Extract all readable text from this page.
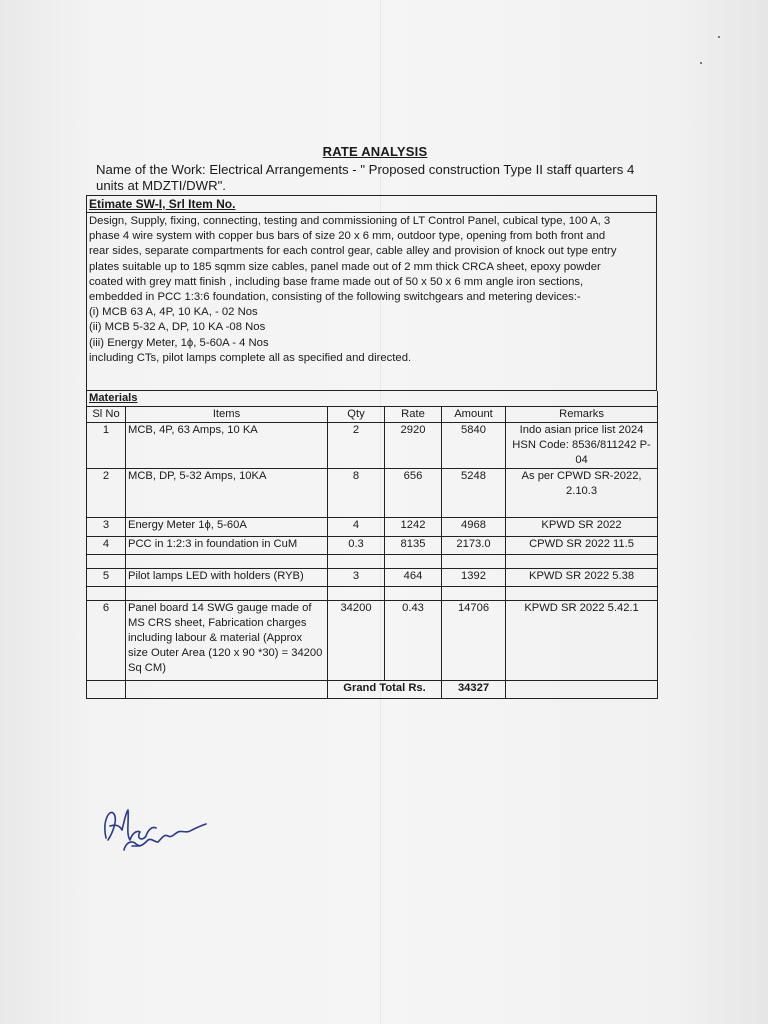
RATE ANALYSIS
Name of the Work: Electrical Arrangements - " Proposed construction Type II staff quarters 4
units at MDZTI/DWR".
Etimate SW-I, Srl Item No.
Design, Supply, fixing, connecting, testing and commissioning of LT Control Panel, cubical type, 100 A, 3
phase 4 wire system with copper bus bars of size 20 x 6 mm, outdoor type, opening from both front and
rear sides, separate compartments for each control gear, cable alley and provision of knock out type entry
plates suitable up to 185 sqmm size cables, panel made out of 2 mm thick CRCA sheet, epoxy powder
coated with grey matt finish , including base frame made out of 50 x 50 x 6 mm angle iron sections,
embedded in PCC 1:3:6 foundation, consisting of the following switchgears and metering devices:-
(i) MCB 63 A, 4P, 10 KA, - 02 Nos
(ii) MCB 5-32 A, DP, 10 KA -08 Nos
(iii) Energy Meter, 1ϕ, 5-60A - 4 Nos
including CTs, pilot lamps complete all as specified and directed.
Materials					
Sl No	Items	Qty	Rate	Amount	Remarks
1	MCB, 4P, 63 Amps, 10 KA	2	2920	5840	Indo asian price list 2024 HSN Code: 8536/811242 P- 04
2	MCB, DP, 5-32 Amps, 10KA	8	656	5248	As per CPWD SR-2022, 2.10.3
3	Energy Meter 1ϕ, 5-60A	4	1242	4968	KPWD SR 2022
4	PCC in 1:2:3 in foundation in CuM	0.3	8135	2173.0	CPWD SR 2022 11.5

5	Pilot lamps LED with holders (RYB)	3	464	1392	KPWD SR 2022 5.38

6	Panel board 14 SWG gauge made of MS CRS sheet, Fabrication charges including labour & material (Approx size Outer Area (120 x 90 *30) = 34200 Sq CM)	34200	0.43	14706	KPWD SR 2022 5.42.1
		Grand Total Rs.		34327	
